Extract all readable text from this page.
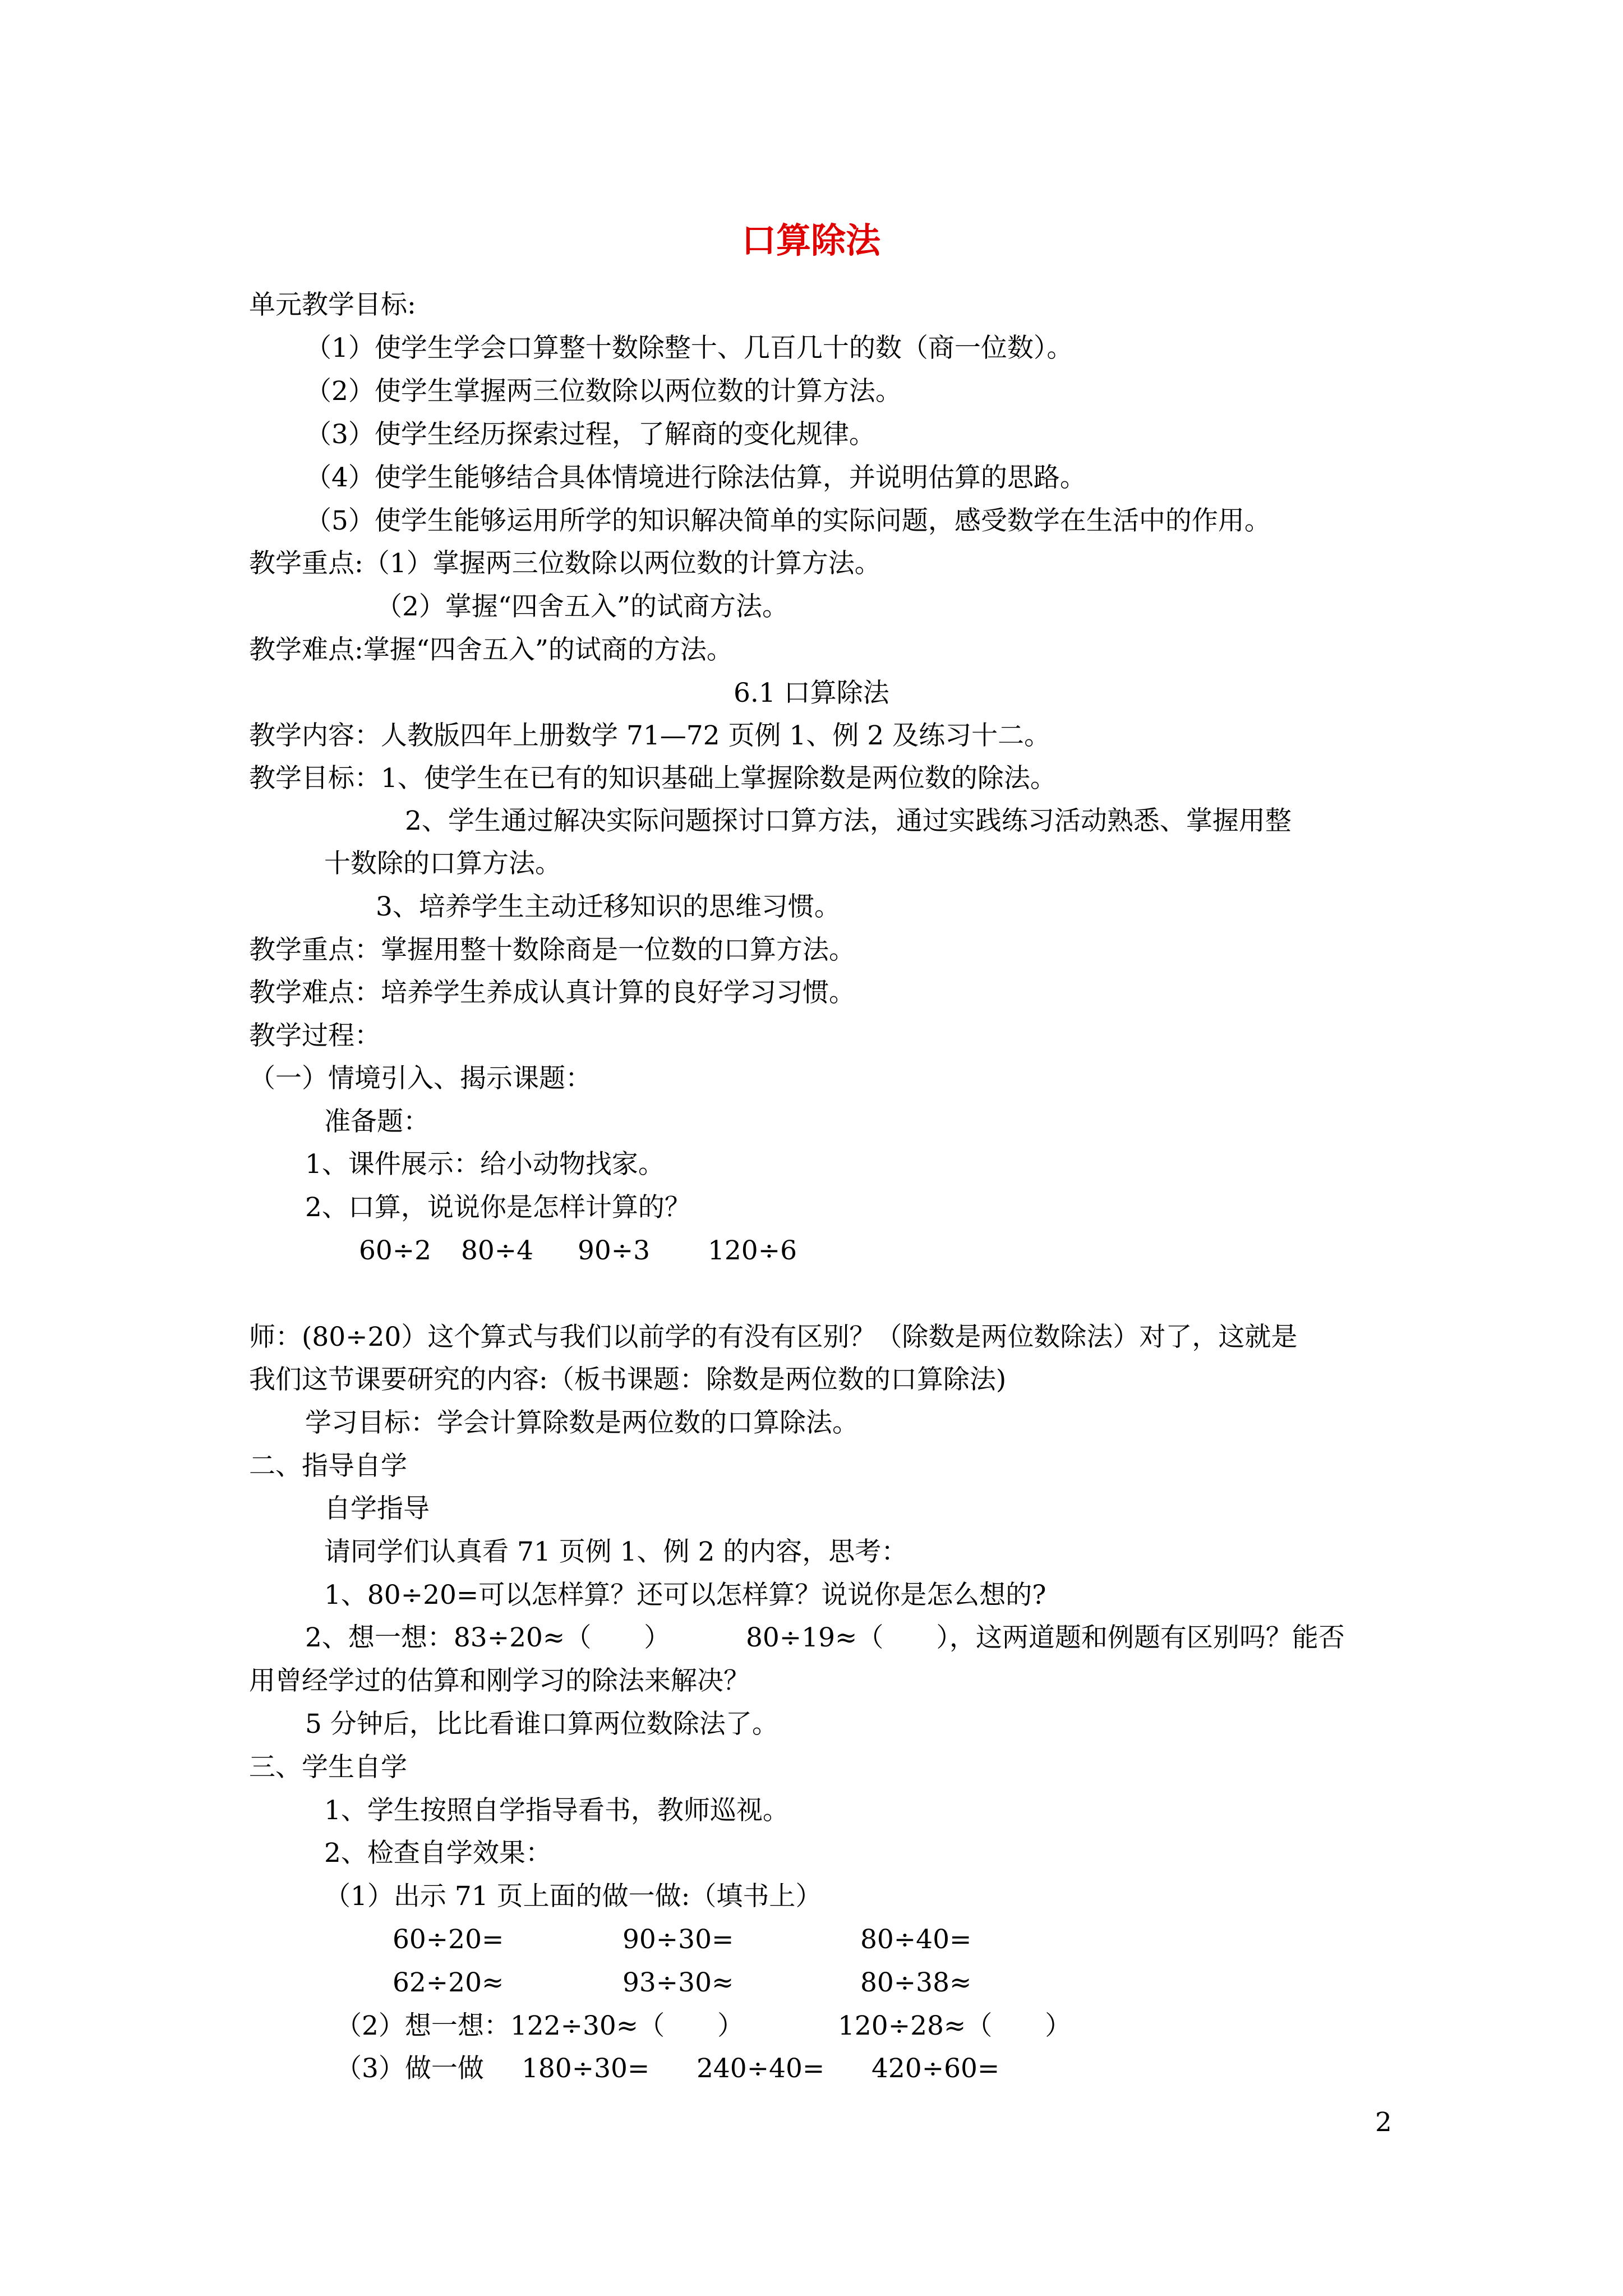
口算除法
单元教学目标:
（1）使学生学会口算整十数除整十、几百几十的数（商一位数）。
（2）使学生掌握两三位数除以两位数的计算方法。
（3）使学生经历探索过程，了解商的变化规律。
（4）使学生能够结合具体情境进行除法估算，并说明估算的思路。
（5）使学生能够运用所学的知识解决简单的实际问题，感受数学在生活中的作用。
教学重点:（1）掌握两三位数除以两位数的计算方法。
（2）掌握“四舍五入”的试商方法。
教学难点:掌握“四舍五入”的试商的方法。
6.1 口算除法
教学内容：人教版四年上册数学 71—72 页例 1、例 2 及练习十二。
教学目标：1、使学生在已有的知识基础上掌握除数是两位数的除法。
2、学生通过解决实际问题探讨口算方法，通过实践练习活动熟悉、掌握用整
十数除的口算方法。
3、培养学生主动迁移知识的思维习惯。
教学重点：掌握用整十数除商是一位数的口算方法。
教学难点：培养学生养成认真计算的良好学习习惯。
教学过程：
（一）情境引入、揭示课题：
准备题：
1、课件展示：给小动物找家。
2、口算，说说你是怎样计算的？
60÷2 80÷4 90÷3 120÷6
师：(80÷20）这个算式与我们以前学的有没有区别？（除数是两位数除法）对了，这就是
我们这节课要研究的内容:（板书课题：除数是两位数的口算除法)
学习目标：学会计算除数是两位数的口算除法。
二、指导自学
自学指导
请同学们认真看 71 页例 1、例 2 的内容，思考：
1、80÷20=可以怎样算？还可以怎样算？说说你是怎么想的?
2、想一想：83÷20≈（　　）	80÷19≈（　　），这两道题和例题有区别吗？能否
用曾经学过的估算和刚学习的除法来解决？
5 分钟后，比比看谁口算两位数除法了。
三、学生自学
1、学生按照自学指导看书，教师巡视。
2、检查自学效果：
（1）出示 71 页上面的做一做:（填书上）
60÷20=	90÷30=	80÷40=
62÷20≈	93÷30≈	80÷38≈
（2）想一想：122÷30≈（　　）	120÷28≈（　　）
（3）做一做 180÷30= 240÷40= 420÷60=
2
